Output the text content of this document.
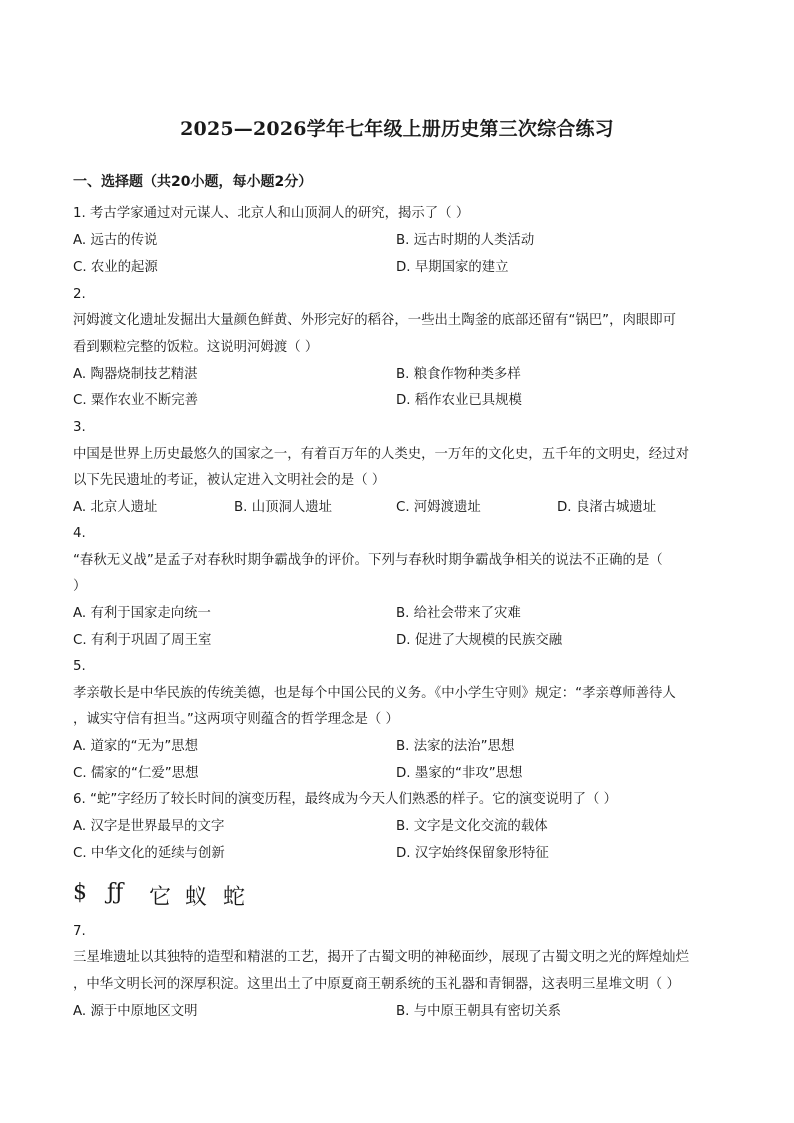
2025—2026学年七年级上册历史第三次综合练习
一、选择题（共20小题，每小题2分）
1. 考古学家通过对元谋人、北京人和山顶洞人的研究，揭示了（ ）
A. 远古的传说	B. 远古时期的人类活动
C. 农业的起源	D. 早期国家的建立
2.
河姆渡文化遗址发掘出大量颜色鲜黄、外形完好的稻谷，一些出土陶釜的底部还留有“锅巴”，肉眼即可
看到颗粒完整的饭粒。这说明河姆渡（ ）
A. 陶器烧制技艺精湛	B. 粮食作物种类多样
C. 粟作农业不断完善	D. 稻作农业已具规模
3.
中国是世界上历史最悠久的国家之一，有着百万年的人类史，一万年的文化史，五千年的文明史，经过对
以下先民遗址的考证，被认定进入文明社会的是（ ）
A. 北京人遗址	B. 山顶洞人遗址	C. 河姆渡遗址	D. 良渚古城遗址
4.
“春秋无义战”是孟子对春秋时期争霸战争的评价。下列与春秋时期争霸战争相关的说法不正确的是（
）
A. 有利于国家走向统一	B. 给社会带来了灾难
C. 有利于巩固了周王室	D. 促进了大规模的民族交融
5.
孝亲敬长是中华民族的传统美德，也是每个中国公民的义务。《中小学生守则》规定：“孝亲尊师善待人
，诚实守信有担当。”这两项守则蕴含的哲学理念是（ ）
A. 道家的“无为”思想	B. 法家的法治”思想
C. 儒家的“仁爱”思想	D. 墨家的“非攻”思想
6. “蛇”字经历了较长时间的演变历程，最终成为今天人们熟悉的样子。它的演变说明了（ ）
A. 汉字是世界最早的文字	B. 文字是文化交流的载体
C. 中华文化的延续与创新	D. 汉字始终保留象形特征
$ ƒƒ 它 蚁 蛇
7.
三星堆遗址以其独特的造型和精湛的工艺，揭开了古蜀文明的神秘面纱，展现了古蜀文明之光的辉煌灿烂
，中华文明长河的深厚积淀。这里出土了中原夏商王朝系统的玉礼器和青铜器，这表明三星堆文明（ ）
A. 源于中原地区文明	B. 与中原王朝具有密切关系
